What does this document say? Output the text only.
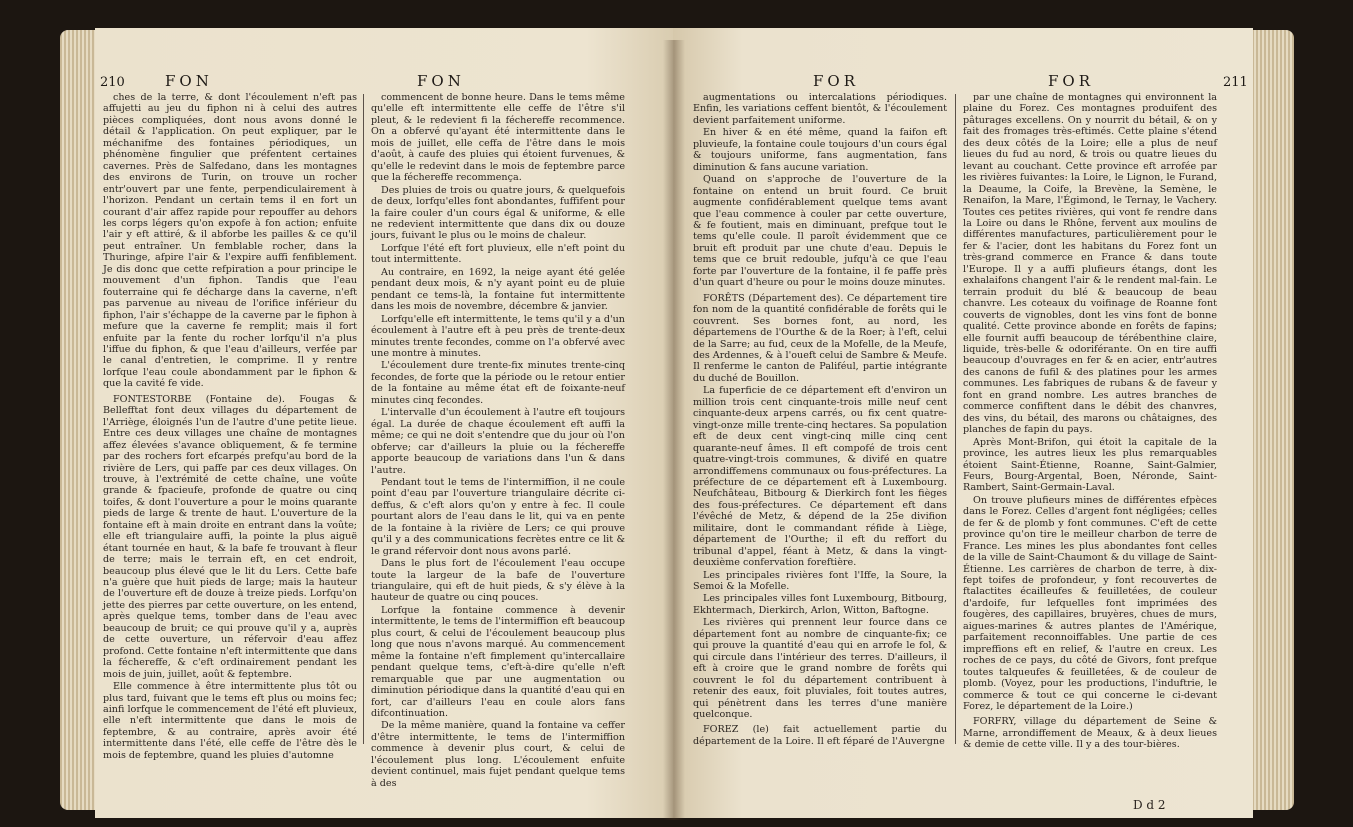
210	FON	FON

ches de la terre, & dont l'écoulement n'eft pas affujetti au jeu du fiphon ni à celui des autres pièces compliquées, dont nous avons donné le détail & l'application. On peut expliquer, par le méchanifme des fontaines périodiques, un phénomène fingulier que préfentent certaines cavernes. Près de Salfedano, dans les montagnes des environs de Turin, on trouve un rocher entr'ouvert par une fente, perpendiculairement à l'horizon. Pendant un certain tems il en fort un courant d'air affez rapide pour repouffer au dehors les corps légers qu'on expofe à fon action; enfuite l'air y eft attiré, & il abforbe les pailles & ce qu'il peut entraîner. Un femblable rocher, dans la Thuringe, afpire l'air & l'expire auffi fenfiblement. Je dis donc que cette refpiration a pour principe le mouvement d'un fiphon. Tandis que l'eau fouterraine qui fe décharge dans la caverne, n'eft pas parvenue au niveau de l'orifice inférieur du fiphon, l'air s'échappe de la caverne par le fiphon à mefure que la caverne fe remplit; mais il fort enfuite par la fente du rocher lorfqu'il n'a plus l'iffue du fiphon, & que l'eau d'ailleurs, verfée par le canal d'entretien, le comprime. Il y rentre lorfque l'eau coule abondamment par le fiphon & que la cavité fe vide.

FONTESTORBE (Fontaine de). Fougas & Bellefftat font deux villages du département de l'Arriège, éloignés l'un de l'autre d'une petite lieue. Entre ces deux villages une chaîne de montagnes affez élevées s'avance obliquement, & fe termine par des rochers fort efcarpés prefqu'au bord de la rivière de Lers, qui paffe par ces deux villages. On trouve, à l'extrémité de cette chaîne, une voûte grande & fpacieufe, profonde de quatre ou cinq toifes, & dont l'ouverture a pour le moins quarante pieds de large & trente de haut. L'ouverture de la fontaine eft à main droite en entrant dans la voûte; elle eft triangulaire auffi, la pointe la plus aiguë étant tournée en haut, & la bafe fe trouvant à fleur de terre; mais le terrain eft, en cet endroit, beaucoup plus élevé que le lit du Lers. Cette bafe n'a guère que huit pieds de large; mais la hauteur de l'ouverture eft de douze à treize pieds. Lorfqu'on jette des pierres par cette ouverture, on les entend, après quelque tems, tomber dans de l'eau avec beaucoup de bruit; ce qui prouve qu'il y a, auprès de cette ouverture, un réfervoir d'eau affez profond. Cette fontaine n'eft intermittente que dans la féchereffe, & c'eft ordinairement pendant les mois de juin, juillet, août & feptembre.

Elle commence à être intermittente plus tôt ou plus tard, fuivant que le tems eft plus ou moins fec; ainfi lorfque le commencement de l'été eft pluvieux, elle n'eft intermittente que dans le mois de feptembre, & au contraire, après avoir été intermittente dans l'été, elle ceffe de l'être dès le mois de feptembre, quand les pluies d'automne

commencent de bonne heure. Dans le tems même qu'elle eft intermittente elle ceffe de l'être s'il pleut, & le redevient fi la féchereffe recommence. On a obfervé qu'ayant été intermittente dans le mois de juillet, elle ceffa de l'être dans le mois d'août, à caufe des pluies qui étoient furvenues, & qu'elle le redevint dans le mois de feptembre parce que la féchereffe recommença.

Des pluies de trois ou quatre jours, & quelquefois de deux, lorfqu'elles font abondantes, fuffifent pour la faire couler d'un cours égal & uniforme, & elle ne redevient intermittente que dans dix ou douze jours, fuivant le plus ou le moins de chaleur.

Lorfque l'été eft fort pluvieux, elle n'eft point du tout intermittente.

Au contraire, en 1692, la neige ayant été gelée pendant deux mois, & n'y ayant point eu de pluie pendant ce tems-là, la fontaine fut intermittente dans les mois de novembre, décembre & janvier.

Lorfqu'elle eft intermittente, le tems qu'il y a d'un écoulement à l'autre eft à peu près de trente-deux minutes trente fecondes, comme on l'a obfervé avec une montre à minutes.

L'écoulement dure trente-fix minutes trente-cinq fecondes, de forte que la période ou le retour entier de la fontaine au même état eft de foixante-neuf minutes cinq fecondes.

L'intervalle d'un écoulement à l'autre eft toujours égal. La durée de chaque écoulement eft auffi la même; ce qui ne doit s'entendre que du jour où l'on obferve; car d'ailleurs la pluie ou la féchereffe apporte beaucoup de variations dans l'un & dans l'autre.

Pendant tout le tems de l'intermiffion, il ne coule point d'eau par l'ouverture triangulaire décrite ci-deffus, & c'eft alors qu'on y entre à fec. Il coule pourtant alors de l'eau dans le lit, qui va en pente de la fontaine à la rivière de Lers; ce qui prouve qu'il y a des communications fecrètes entre ce lit & le grand réfervoir dont nous avons parlé.

Dans le plus fort de l'écoulement l'eau occupe toute la largeur de la bafe de l'ouverture triangulaire, qui eft de huit pieds, & s'y élève à la hauteur de quatre ou cinq pouces.

Lorfque la fontaine commence à devenir intermittente, le tems de l'intermiffion eft beaucoup plus court, & celui de l'écoulement beaucoup plus long que nous n'avons marqué. Au commencement même la fontaine n'eft fimplement qu'intercallaire pendant quelque tems, c'eft-à-dire qu'elle n'eft remarquable que par une augmentation ou diminution périodique dans la quantité d'eau qui en fort, car d'ailleurs l'eau en coule alors fans difcontinuation.

De la même manière, quand la fontaine va ceffer d'être intermittente, le tems de l'intermiffion commence à devenir plus court, & celui de l'écoulement plus long. L'écoulement enfuite devient continuel, mais fujet pendant quelque tems à des

FOR	FOR	211

augmentations ou intercalations périodiques. Enfin, les variations ceffent bientôt, & l'écoulement devient parfaitement uniforme.

En hiver & en été même, quand la faifon eft pluvieufe, la fontaine coule toujours d'un cours égal & toujours uniforme, fans augmentation, fans diminution & fans aucune variation.

Quand on s'approche de l'ouverture de la fontaine on entend un bruit fourd. Ce bruit augmente confidérablement quelque tems avant que l'eau commence à couler par cette ouverture, & fe foutient, mais en diminuant, prefque tout le tems qu'elle coule. Il paroît évidemment que ce bruit eft produit par une chute d'eau. Depuis le tems que ce bruit redouble, jufqu'à ce que l'eau forte par l'ouverture de la fontaine, il fe paffe près d'un quart d'heure ou pour le moins douze minutes.

FORÊTS (Département des). Ce département tire fon nom de la quantité confidérable de forêts qui le couvrent. Ses bornes font, au nord, les départemens de l'Ourthe & de la Roer; à l'eft, celui de la Sarre; au fud, ceux de la Mofelle, de la Meufe, des Ardennes, & à l'oueft celui de Sambre & Meufe. Il renferme le canton de Paliféul, partie intégrante du duché de Bouillon.

La fuperficie de ce département eft d'environ un million trois cent cinquante-trois mille neuf cent cinquante-deux arpens carrés, ou fix cent quatre-vingt-onze mille trente-cinq hectares. Sa population eft de deux cent vingt-cinq mille cinq cent quarante-neuf âmes. Il eft compofé de trois cent quatre-vingt-trois communes, & divifé en quatre arrondiffemens communaux ou fous-préfectures. La préfecture de ce département eft à Luxembourg. Neufchâteau, Bitbourg & Dierkirch font les fièges des fous-préfectures. Ce département eft dans l'évêché de Metz, & dépend de la 25e divifion militaire, dont le commandant réfide à Liège, département de l'Ourthe; il eft du reffort du tribunal d'appel, féant à Metz, & dans la vingt-deuxième confervation foreftière.

Les principales rivières font l'Iffe, la Soure, la Semoi & la Mofelle.

Les principales villes font Luxembourg, Bitbourg, Ekhtermach, Dierkirch, Arlon, Witton, Baftogne.

Les rivières qui prennent leur fource dans ce département font au nombre de cinquante-fix; ce qui prouve la quantité d'eau qui en arrofe le fol, & qui circule dans l'intérieur des terres. D'ailleurs, il eft à croire que le grand nombre de forêts qui couvrent le fol du département contribuent à retenir des eaux, foit pluviales, foit toutes autres, qui pénètrent dans les terres d'une manière quelconque.

FOREZ (le) fait actuellement partie du département de la Loire. Il eft féparé de l'Auvergne

par une chaîne de montagnes qui environnent la plaine du Forez. Ces montagnes produifent des pâturages excellens. On y nourrit du bétail, & on y fait des fromages très-eftimés. Cette plaine s'étend des deux côtés de la Loire; elle a plus de neuf lieues du fud au nord, & trois ou quatre lieues du levant au couchant. Cette province eft arrofée par les rivières fuivantes: la Loire, le Lignon, le Furand, la Deaume, la Coife, la Brevène, la Semène, le Renaifon, la Mare, l'Égimond, le Ternay, le Vachery. Toutes ces petites rivières, qui vont fe rendre dans la Loire ou dans le Rhône, fervent aux moulins de différentes manufactures, particulièrement pour le fer & l'acier, dont les habitans du Forez font un très-grand commerce en France & dans toute l'Europe. Il y a auffi plufieurs étangs, dont les exhalaifons changent l'air & le rendent mal-fain. Le terrain produit du blé & beaucoup de beau chanvre. Les coteaux du voifinage de Roanne font couverts de vignobles, dont les vins font de bonne qualité. Cette province abonde en forêts de fapins; elle fournit auffi beaucoup de térébenthine claire, liquide, très-belle & odoriférante. On en tire auffi beaucoup d'ouvrages en fer & en acier, entr'autres des canons de fufil & des platines pour les armes communes. Les fabriques de rubans & de faveur y font en grand nombre. Les autres branches de commerce confiftent dans le débit des chanvres, des vins, du bétail, des marons ou châtaignes, des planches de fapin du pays.

Après Mont-Brifon, qui étoit la capitale de la province, les autres lieux les plus remarquables étoient Saint-Étienne, Roanne, Saint-Galmier, Feurs, Bourg-Argental, Boen, Néronde, Saint-Rambert, Saint-Germain-Laval.

On trouve plufieurs mines de différentes efpèces dans le Forez. Celles d'argent font négligées; celles de fer & de plomb y font communes. C'eft de cette province qu'on tire le meilleur charbon de terre de France. Les mines les plus abondantes font celles de la ville de Saint-Chaumont & du village de Saint-Étienne. Les carrières de charbon de terre, à dix-fept toifes de profondeur, y font recouvertes de ftalactites écailleufes & feuilletées, de couleur d'ardoife, fur lefquelles font imprimées des fougères, des capillaires, bruyères, chues de murs, aigues-marines & autres plantes de l'Amérique, parfaitement reconnoiffables. Une partie de ces impreffions eft en relief, & l'autre en creux. Les roches de ce pays, du côté de Givors, font prefque toutes talqueufes & feuilletées, & de couleur de plomb. (Voyez, pour les productions, l'induftrie, le commerce & tout ce qui concerne le ci-devant Forez, le département de la Loire.)

FORFRY, village du département de Seine & Marne, arrondiffement de Meaux, & à deux lieues & demie de cette ville. Il y a des tour-bières.

D d 2
